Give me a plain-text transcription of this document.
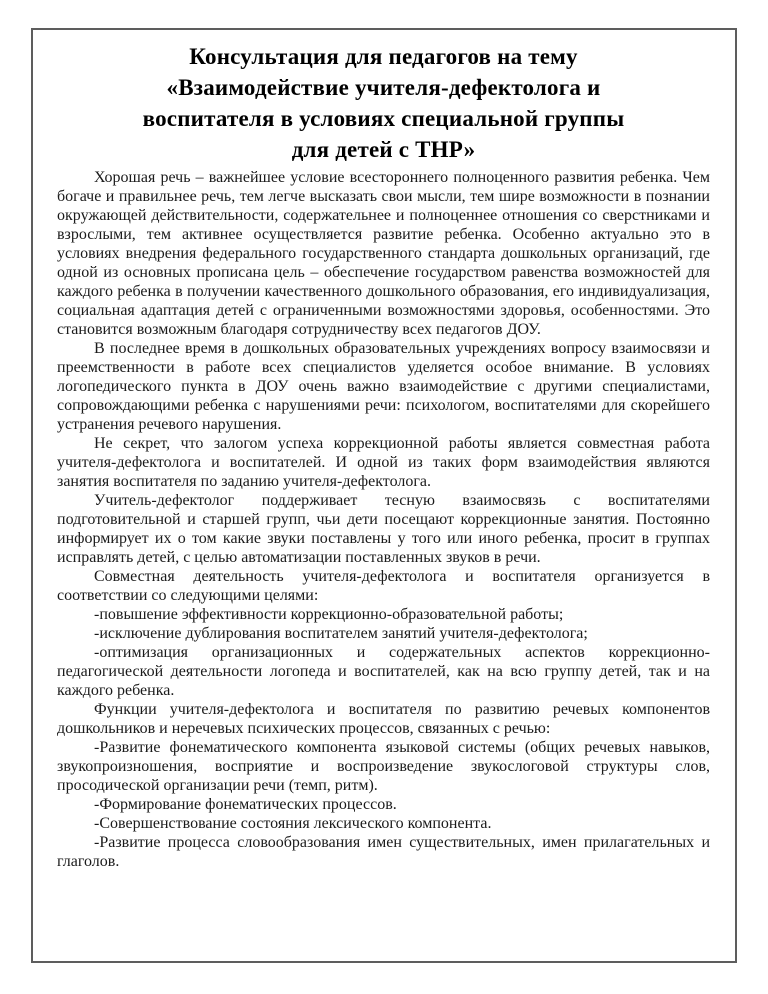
Консультация для педагогов на тему
«Взаимодействие учителя-дефектолога и
воспитателя в условиях специальной группы
для детей с ТНР»

Хорошая речь – важнейшее условие всестороннего полноценного развития ребенка. Чем богаче и правильнее речь, тем легче высказать свои мысли, тем шире возможности в познании окружающей действительности, содержательнее и полноценнее отношения со сверстниками и взрослыми, тем активнее осуществляется развитие ребенка. Особенно актуально это в условиях внедрения федерального государственного стандарта дошкольных организаций, где одной из основных прописана цель – обеспечение государством равенства возможностей для каждого ребенка в получении качественного дошкольного образования, его индивидуализация, социальная адаптация детей с ограниченными возможностями здоровья, особенностями. Это становится возможным благодаря сотрудничеству всех педагогов ДОУ.

В последнее время в дошкольных образовательных учреждениях вопросу взаимосвязи и преемственности в работе всех специалистов уделяется особое внимание. В условиях логопедического пункта в ДОУ очень важно взаимодействие с другими специалистами, сопровождающими ребенка с нарушениями речи: психологом, воспитателями для скорейшего устранения речевого нарушения.

Не секрет, что залогом успеха коррекционной работы является совместная работа учителя-дефектолога и воспитателей. И одной из таких форм взаимодействия являются занятия воспитателя по заданию учителя-дефектолога.

Учитель-дефектолог поддерживает тесную взаимосвязь с воспитателями подготовительной и старшей групп, чьи дети посещают коррекционные занятия. Постоянно информирует их о том какие звуки поставлены у того или иного ребенка, просит в группах исправлять детей, с целью автоматизации поставленных звуков в речи.

Совместная деятельность учителя-дефектолога и воспитателя организуется в соответствии со следующими целями:

-повышение эффективности коррекционно-образовательной работы;

-исключение дублирования воспитателем занятий учителя-дефектолога;

-оптимизация организационных и содержательных аспектов коррекционно-педагогической деятельности логопеда и воспитателей, как на всю группу детей, так и на каждого ребенка.

Функции учителя-дефектолога и воспитателя по развитию речевых компонентов дошкольников и неречевых психических процессов, связанных с речью:

-Развитие фонематического компонента языковой системы (общих речевых навыков, звукопроизношения, восприятие и воспроизведение звукослоговой структуры слов, просодической организации речи (темп, ритм).

-Формирование фонематических процессов.

-Совершенствование состояния лексического компонента.

-Развитие процесса словообразования имен существительных, имен прилагательных и глаголов.
